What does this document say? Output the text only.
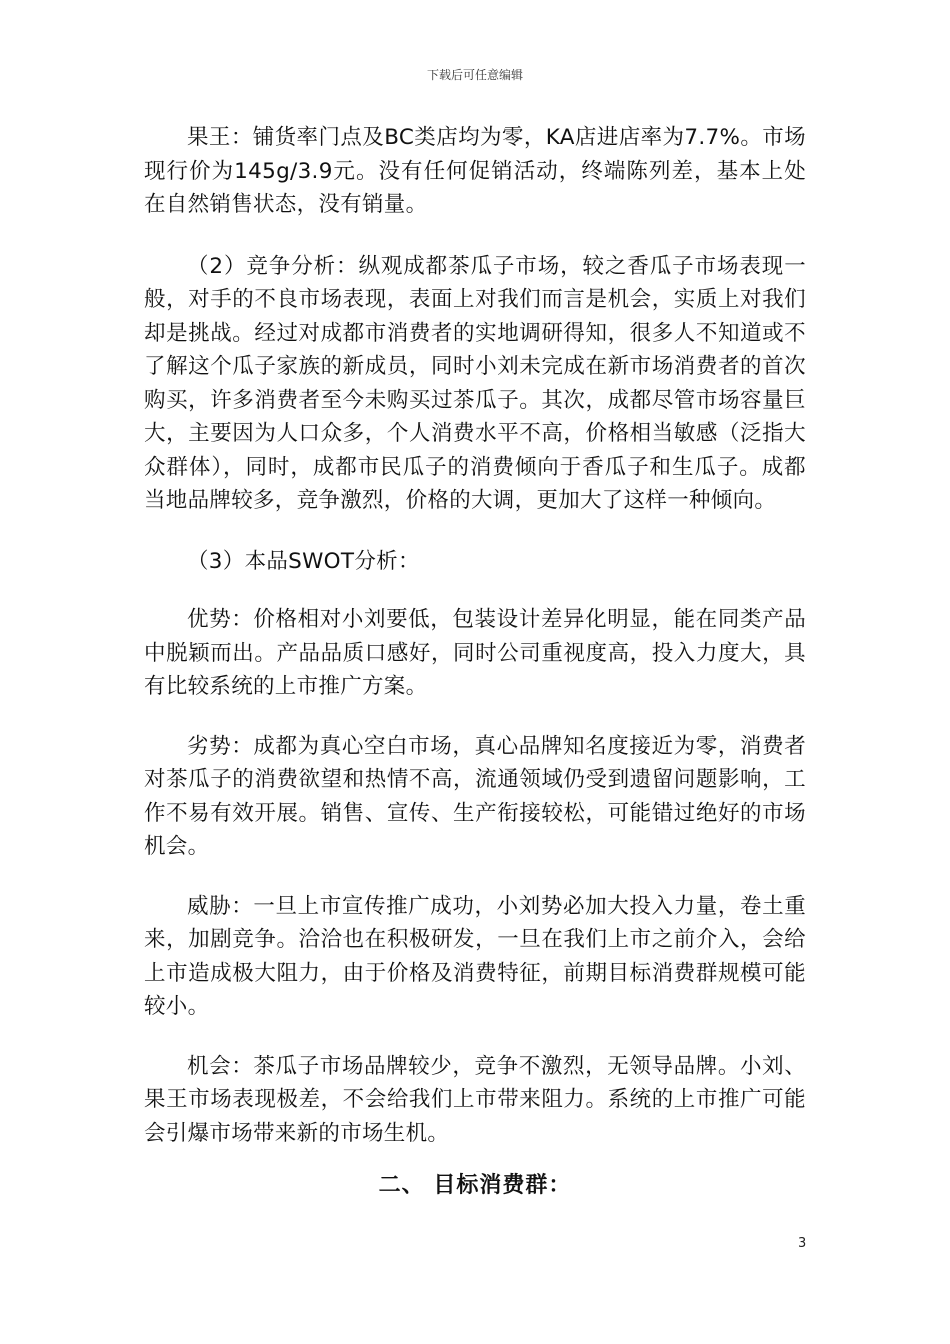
下载后可任意编辑

果王：铺货率门点及BC类店均为零，KA店进店率为7.7%。市场现行价为145g/3.9元。没有任何促销活动，终端陈列差，基本上处在自然销售状态，没有销量。

（2）竞争分析：纵观成都茶瓜子市场，较之香瓜子市场表现一般，对手的不良市场表现，表面上对我们而言是机会，实质上对我们却是挑战。经过对成都市消费者的实地调研得知，很多人不知道或不了解这个瓜子家族的新成员，同时小刘未完成在新市场消费者的首次购买，许多消费者至今未购买过茶瓜子。其次，成都尽管市场容量巨大，主要因为人口众多，个人消费水平不高，价格相当敏感（泛指大众群体），同时，成都市民瓜子的消费倾向于香瓜子和生瓜子。成都当地品牌较多，竞争激烈，价格的大调，更加大了这样一种倾向。

（3）本品SWOT分析：

优势：价格相对小刘要低，包装设计差异化明显，能在同类产品中脱颖而出。产品品质口感好，同时公司重视度高，投入力度大，具有比较系统的上市推广方案。

劣势：成都为真心空白市场，真心品牌知名度接近为零，消费者对茶瓜子的消费欲望和热情不高，流通领域仍受到遗留问题影响，工作不易有效开展。销售、宣传、生产衔接较松，可能错过绝好的市场机会。

威胁：一旦上市宣传推广成功，小刘势必加大投入力量，卷土重来，加剧竞争。洽洽也在积极研发，一旦在我们上市之前介入，会给上市造成极大阻力，由于价格及消费特征，前期目标消费群规模可能较小。

机会：茶瓜子市场品牌较少，竞争不激烈，无领导品牌。小刘、果王市场表现极差，不会给我们上市带来阻力。系统的上市推广可能会引爆市场带来新的市场生机。

二、 目标消费群：
3
